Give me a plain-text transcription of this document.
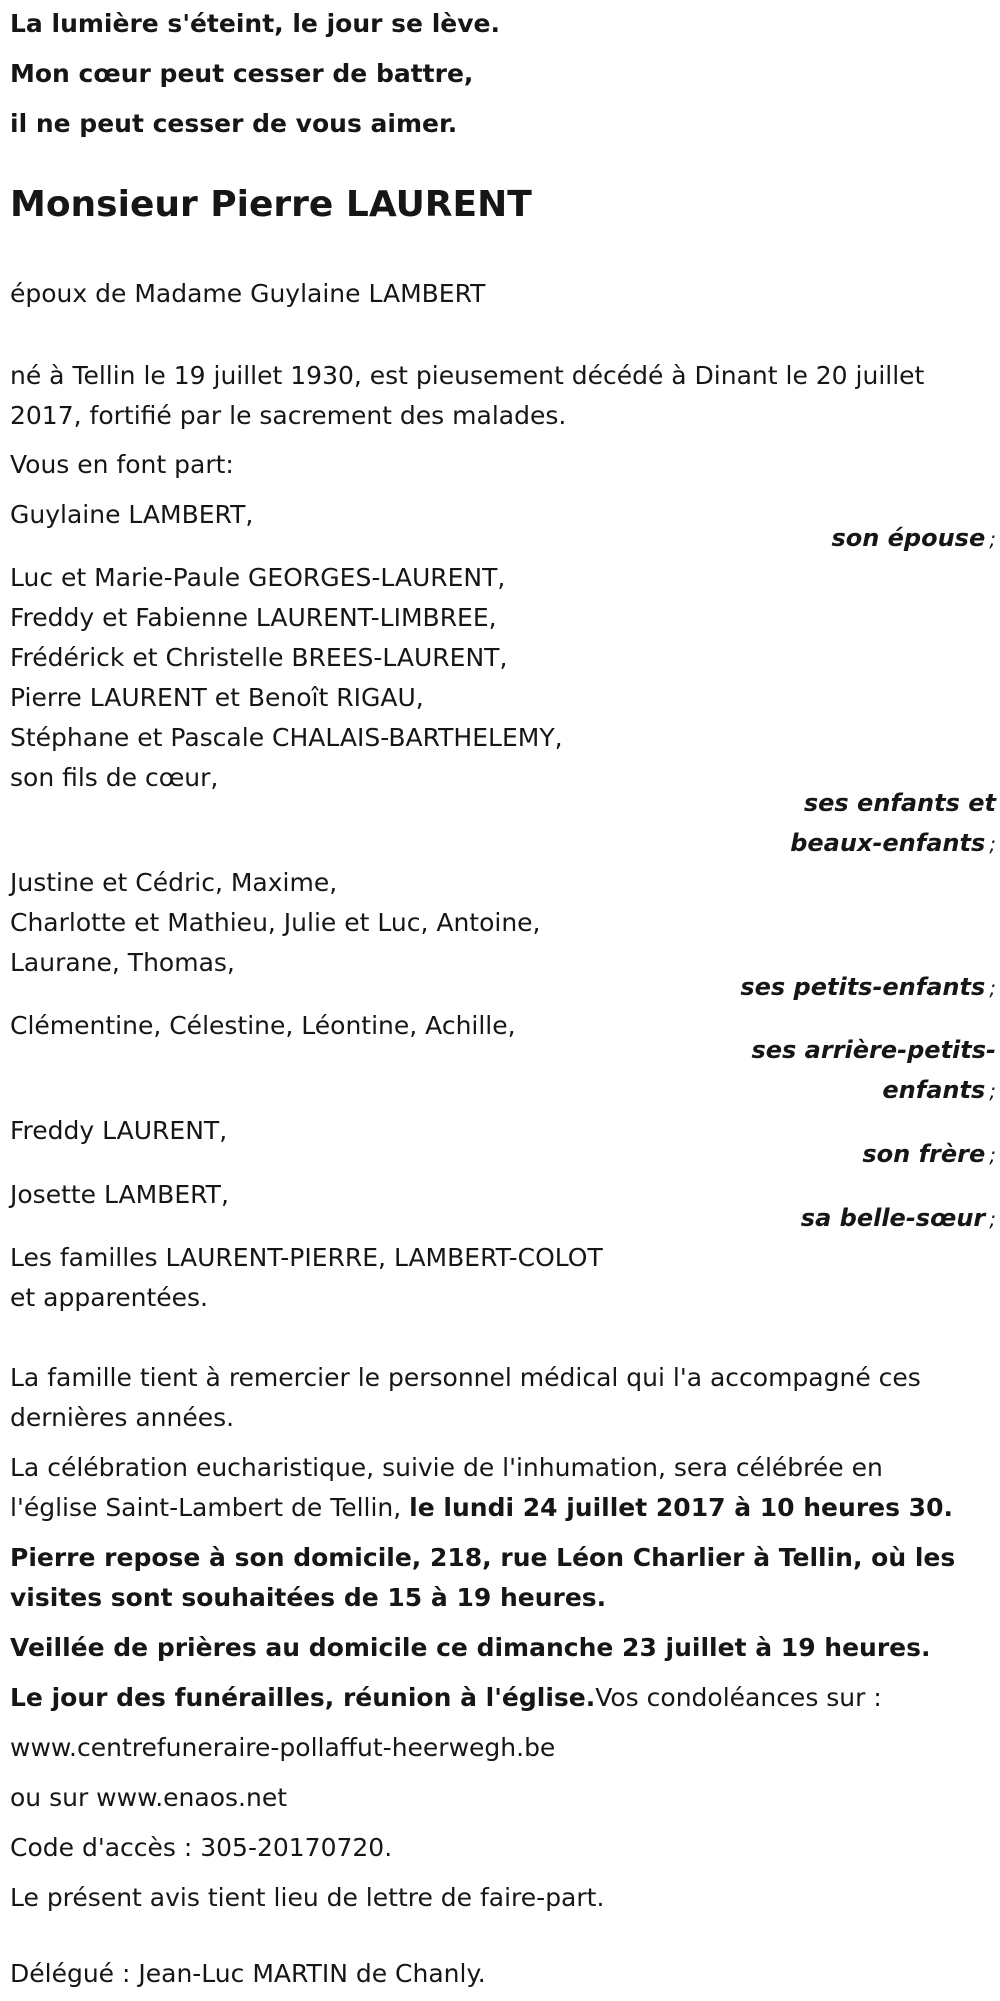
La lumière s'éteint, le jour se lève.
Mon cœur peut cesser de battre,
il ne peut cesser de vous aimer.
Monsieur Pierre LAURENT
époux de Madame Guylaine LAMBERT
né à Tellin le 19 juillet 1930, est pieusement décédé à Dinant le 20 juillet
2017, fortifié par le sacrement des malades.
Vous en font part:
Guylaine LAMBERT,
son épouse ;
Luc et Marie-Paule GEORGES-LAURENT,
Freddy et Fabienne LAURENT-LIMBREE,
Frédérick et Christelle BREES-LAURENT,
Pierre LAURENT et Benoît RIGAU,
Stéphane et Pascale CHALAIS-BARTHELEMY,
son fils de cœur,
ses enfants et
beaux-enfants ;
Justine et Cédric, Maxime,
Charlotte et Mathieu, Julie et Luc, Antoine,
Laurane, Thomas,
ses petits-enfants ;
Clémentine, Célestine, Léontine, Achille,
ses arrière-petits-
enfants ;
Freddy LAURENT,
son frère ;
Josette LAMBERT,
sa belle-sœur ;
Les familles LAURENT-PIERRE, LAMBERT-COLOT
et apparentées.
La famille tient à remercier le personnel médical qui l'a accompagné ces
dernières années.
La célébration eucharistique, suivie de l'inhumation, sera célébrée en
l'église Saint-Lambert de Tellin, le lundi 24 juillet 2017 à 10 heures 30.
Pierre repose à son domicile, 218, rue Léon Charlier à Tellin, où les
visites sont souhaitées de 15 à 19 heures.
Veillée de prières au domicile ce dimanche 23 juillet à 19 heures.
Le jour des funérailles, réunion à l'église.Vos condoléances sur :
www.centrefuneraire-pollaffut-heerwegh.be
ou sur www.enaos.net
Code d'accès : 305-20170720.
Le présent avis tient lieu de lettre de faire-part.
Délégué : Jean-Luc MARTIN de Chanly.
